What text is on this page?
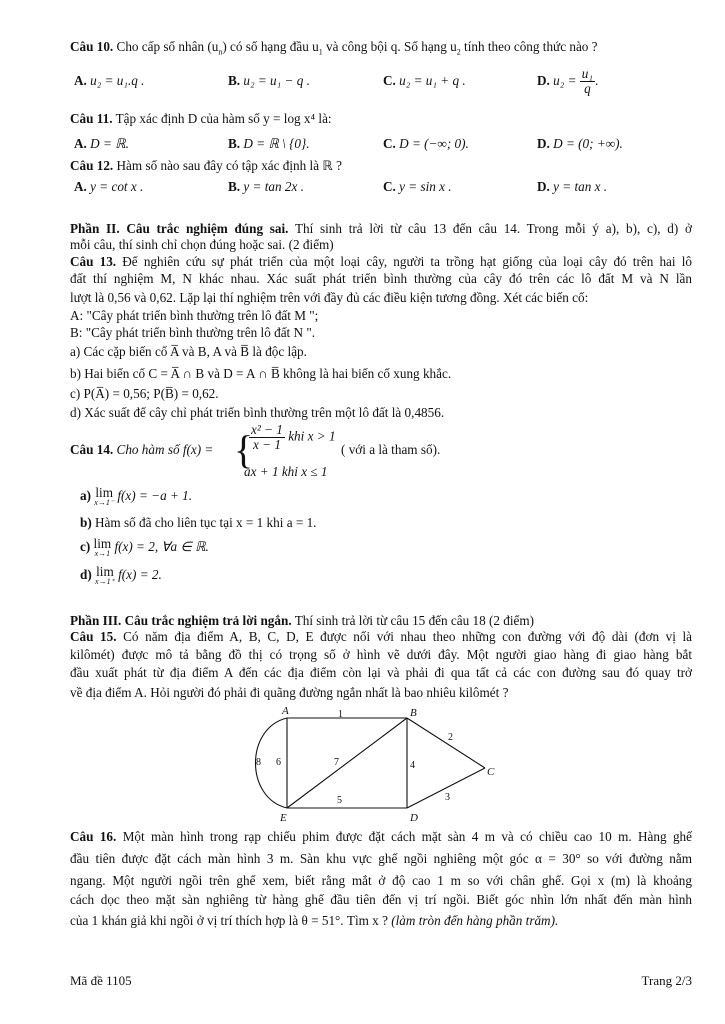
Câu 10. Cho cấp số nhân $(u_n)$ có số hạng đầu $u_1$ và công bội q. Số hạng $u_2$ tính theo công thức nào ?
A. u₂ = u₁.q .	B. u₂ = u₁ − q .	C. u₂ = u₁ + q .	D. $u_2 = \frac{\text{u₁}}{q}$ .
Câu 11. Tập xác định D của hàm số y = log x⁴ là:
A. D = ℝ.	B. D = ℝ \ {0}.	C. D = (−∞; 0).	D. D = (0; +∞).
Câu 12. Hàm số nào sau đây có tập xác định là ℝ ?
A. y = cot x .	B. y = tan 2x .	C. y = sin x .	D. y = tan x .
Phần II. Câu trắc nghiệm đúng sai. Thí sinh trả lời từ câu 13 đến câu 14. Trong mỗi ý a), b), c), d) ở
mỗi câu, thí sinh chỉ chọn đúng hoặc sai. (2 điểm)
Câu 13. Để nghiên cứu sự phát triển của một loại cây, người ta trồng hạt giống của loại cây đó trên hai lô
đất thí nghiệm M, N khác nhau. Xác suất phát triển bình thường của cây đó trên các lô đất M và N lần
lượt là 0,56 và 0,62. Lặp lại thí nghiệm trên với đầy đủ các điều kiện tương đồng. Xét các biến cố:
A: "Cây phát triển bình thường trên lô đất M ";
B: "Cây phát triển bình thường trên lô đất N ".
a) Các cặp biến cố A̅ và B, A và B̅ là độc lập.
b) Hai biến cố C = A̅ ∩ B và D = A ∩ B̅ không là hai biến cố xung khắc.
c) P(A̅) = 0,56; P(B̅) = 0,62.
d) Xác suất để cây chỉ phát triển bình thường trên một lô đất là 0,4856.
Câu 14. Cho hàm số f(x) = {
$\frac{\text{x² − 1}}{x - 1}$ khi x > 1
ax + 1 khi x ≤ 1
( với a là tham số).
a) lim
x→1⁻ f(x) = −a + 1.
b) Hàm số đã cho liên tục tại x = 1 khi a = 1.
c) lim
x→1 f(x) = 2, ∀a ∈ ℝ.
d) lim
x→1⁺ f(x) = 2.
Phần III. Câu trắc nghiệm trả lời ngắn. Thí sinh trả lời từ câu 15 đến câu 18 (2 điểm)
Câu 15. Có năm địa điểm A, B, C, D, E được nối với nhau theo những con đường với độ dài (đơn vị là
kilômét) được mô tả bằng đồ thị có trọng số ở hình vẽ dưới đây. Một người giao hàng đi giao hàng bắt
đầu xuất phát từ địa điểm A đến các địa điểm còn lại và phải đi qua tất cả các con đường sau đó quay trở
về địa điểm A. Hỏi người đó phải đi quãng đường ngắn nhất là bao nhiêu kilômét ?
A	B
C
D
E
1
2
3
4
5
6	7
8
Câu 16. Một màn hình trong rạp chiếu phim được đặt cách mặt sàn 4 m và có chiều cao 10 m. Hàng ghế
đầu tiên được đặt cách màn hình 3 m. Sàn khu vực ghế ngồi nghiêng một góc α = 30° so với đường nằm
ngang. Một người ngồi trên ghế xem, biết rằng mắt ở độ cao 1 m so với chân ghế. Gọi x (m) là khoảng
cách dọc theo mặt sàn nghiêng từ hàng ghế đầu tiên đến vị trí ngồi. Biết góc nhìn lớn nhất đến màn hình
của 1 khán giả khi ngồi ở vị trí thích hợp là θ = 51°. Tìm x ? (làm tròn đến hàng phần trăm).
Mã đề 1105	Trang 2/3
